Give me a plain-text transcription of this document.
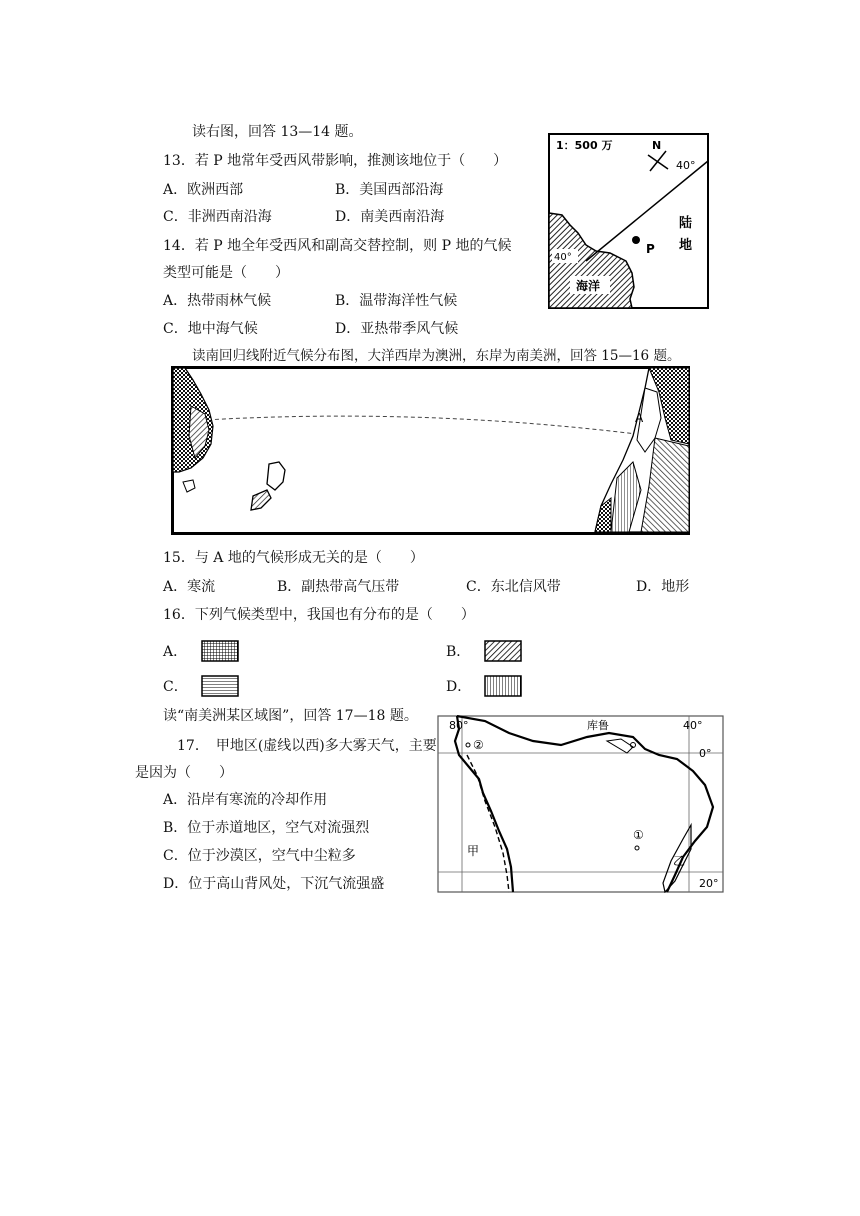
读右图，回答 13—14 题。
13．若 P 地常年受西风带影响，推测该地位于（　　）
A．欧洲西部	B．美国西部沿海
C．非洲西南沿海	D．南美西南沿海
14．若 P 地全年受西风和副高交替控制，则 P 地的气候
类型可能是（　　）
A．热带雨林气候	B．温带海洋性气候
C．地中海气候	D．亚热带季风气候
1：500 万	N
40°
陆
地
P
40°
海洋
读南回归线附近气候分布图，大洋西岸为澳洲，东岸为南美洲，回答 15—16 题。
A
15．与 A 地的气候形成无关的是（　　）
A．寒流	B．副热带高气压带	C．东北信风带	D．地形
16．下列气候类型中，我国也有分布的是（　　）
A．	B．
C．	D．
读“南美洲某区域图”，回答 17—18 题。
17．　甲地区(虚线以西)多大雾天气，主要
是因为（　　）
A．沿岸有寒流的冷却作用
B．位于赤道地区，空气对流强烈
C．位于沙漠区，空气中尘粒多
D．位于高山背风处，下沉气流强盛
80°	库鲁	40°
0°
②
①
甲
乙
20°
